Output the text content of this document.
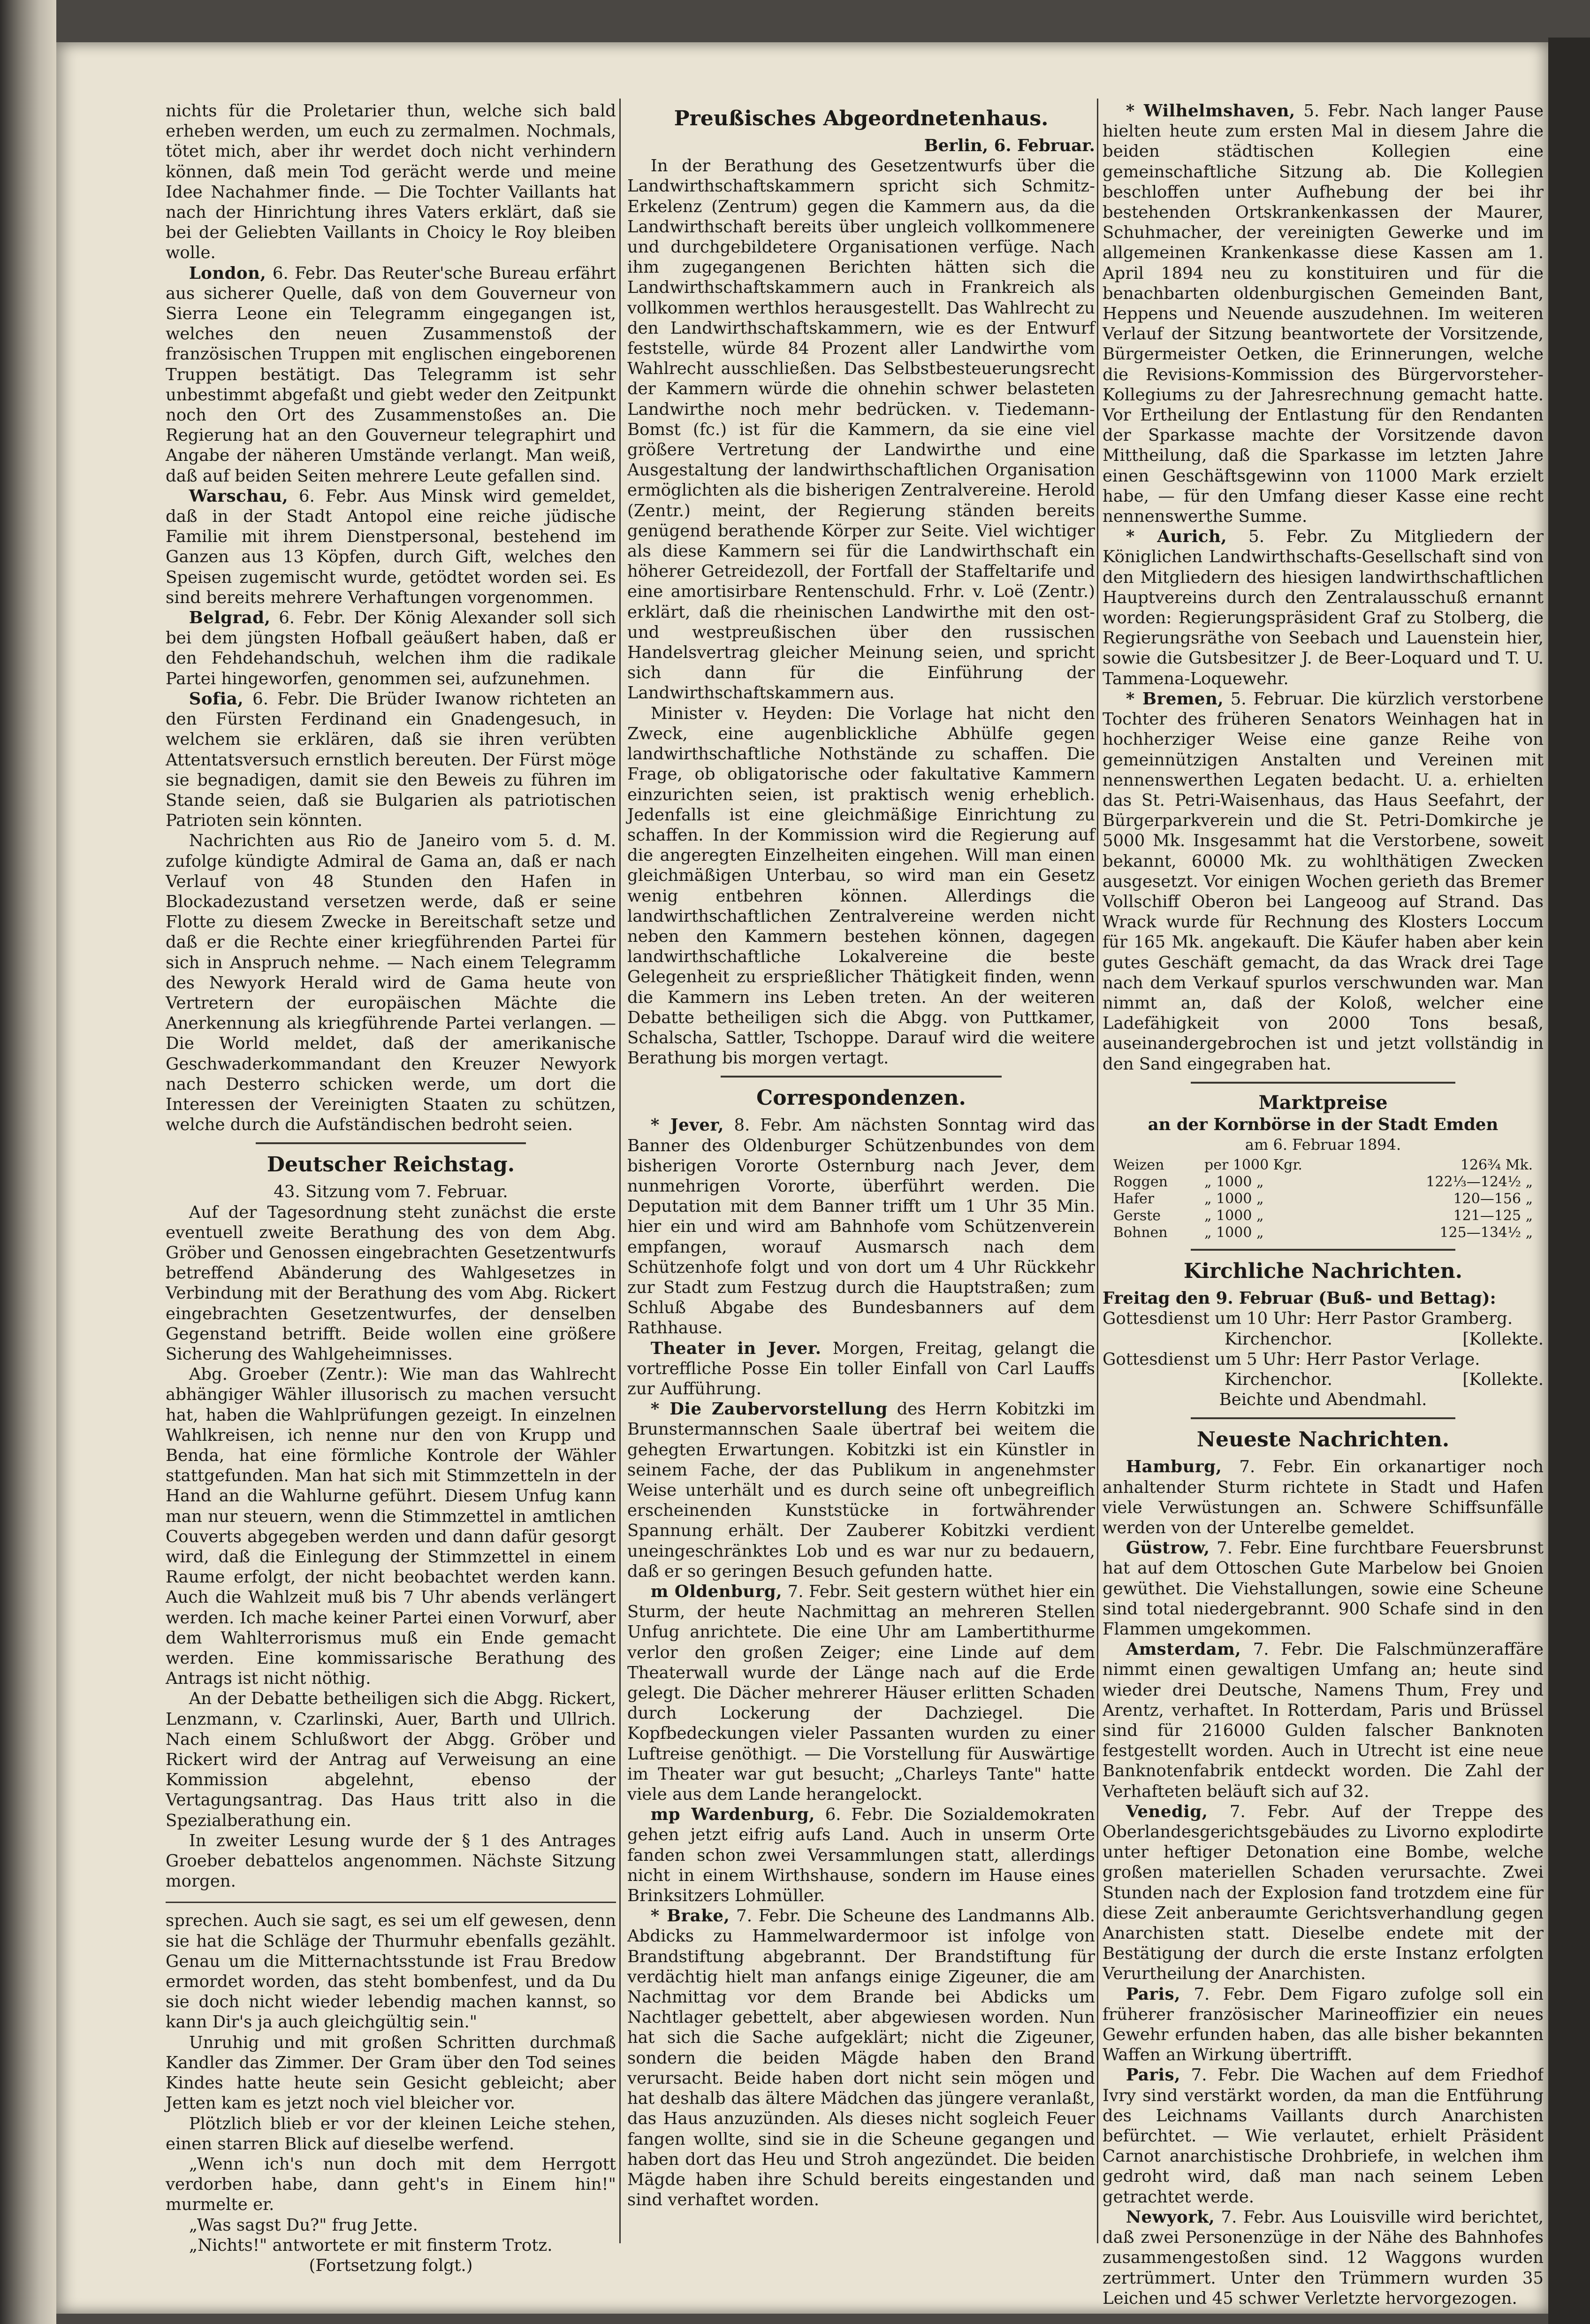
nichts für die Proletarier thun, welche sich bald erheben werden, um euch zu zermalmen. Nochmals, tötet mich, aber ihr werdet doch nicht verhindern können, daß mein Tod gerächt werde und meine Idee Nachahmer finde. — Die Tochter Vaillants hat nach der Hinrichtung ihres Vaters erklärt, daß sie bei der Geliebten Vaillants in Choicy le Roy bleiben wolle.

London, 6. Febr. Das Reuter'sche Bureau erfährt aus sicherer Quelle, daß von dem Gouverneur von Sierra Leone ein Telegramm eingegangen ist, welches den neuen Zusammenstoß der französischen Truppen mit englischen eingeborenen Truppen bestätigt. Das Telegramm ist sehr unbestimmt abgefaßt und giebt weder den Zeitpunkt noch den Ort des Zusammenstoßes an. Die Regierung hat an den Gouverneur telegraphirt und Angabe der näheren Umstände verlangt. Man weiß, daß auf beiden Seiten mehrere Leute gefallen sind.

Warschau, 6. Febr. Aus Minsk wird gemeldet, daß in der Stadt Antopol eine reiche jüdische Familie mit ihrem Dienstpersonal, bestehend im Ganzen aus 13 Köpfen, durch Gift, welches den Speisen zugemischt wurde, getödtet worden sei. Es sind bereits mehrere Verhaftungen vorgenommen.

Belgrad, 6. Febr. Der König Alexander soll sich bei dem jüngsten Hofball geäußert haben, daß er den Fehdehandschuh, welchen ihm die radikale Partei hingeworfen, genommen sei, aufzunehmen.

Sofia, 6. Febr. Die Brüder Iwanow richteten an den Fürsten Ferdinand ein Gnadengesuch, in welchem sie erklären, daß sie ihren verübten Attentatsversuch ernstlich bereuten. Der Fürst möge sie begnadigen, damit sie den Beweis zu führen im Stande seien, daß sie Bulgarien als patriotischen Patrioten sein könnten.

Nachrichten aus Rio de Janeiro vom 5. d. M. zufolge kündigte Admiral de Gama an, daß er nach Verlauf von 48 Stunden den Hafen in Blockadezustand versetzen werde, daß er seine Flotte zu diesem Zwecke in Bereitschaft setze und daß er die Rechte einer kriegführenden Partei für sich in Anspruch nehme. — Nach einem Telegramm des Newyork Herald wird de Gama heute von Vertretern der europäischen Mächte die Anerkennung als kriegführende Partei verlangen. — Die World meldet, daß der amerikanische Geschwaderkommandant den Kreuzer Newyork nach Desterro schicken werde, um dort die Interessen der Vereinigten Staaten zu schützen, welche durch die Aufständischen bedroht seien.

Deutscher Reichstag.

43. Sitzung vom 7. Februar.

Auf der Tagesordnung steht zunächst die erste eventuell zweite Berathung des von dem Abg. Gröber und Genossen eingebrachten Gesetzentwurfs betreffend Abänderung des Wahlgesetzes in Verbindung mit der Berathung des vom Abg. Rickert eingebrachten Gesetzentwurfes, der denselben Gegenstand betrifft. Beide wollen eine größere Sicherung des Wahlgeheimnisses.

Abg. Groeber (Zentr.): Wie man das Wahlrecht abhängiger Wähler illusorisch zu machen versucht hat, haben die Wahlprüfungen gezeigt. In einzelnen Wahlkreisen, ich nenne nur den von Krupp und Benda, hat eine förmliche Kontrole der Wähler stattgefunden. Man hat sich mit Stimmzetteln in der Hand an die Wahlurne geführt. Diesem Unfug kann man nur steuern, wenn die Stimmzettel in amtlichen Couverts abgegeben werden und dann dafür gesorgt wird, daß die Einlegung der Stimmzettel in einem Raume erfolgt, der nicht beobachtet werden kann. Auch die Wahlzeit muß bis 7 Uhr abends verlängert werden. Ich mache keiner Partei einen Vorwurf, aber dem Wahlterrorismus muß ein Ende gemacht werden. Eine kommissarische Berathung des Antrags ist nicht nöthig.

An der Debatte betheiligen sich die Abgg. Rickert, Lenzmann, v. Czarlinski, Auer, Barth und Ullrich. Nach einem Schlußwort der Abgg. Gröber und Rickert wird der Antrag auf Verweisung an eine Kommission abgelehnt, ebenso der Vertagungsantrag. Das Haus tritt also in die Spezialberathung ein.

In zweiter Lesung wurde der § 1 des Antrages Groeber debattelos angenommen. Nächste Sitzung morgen.

sprechen. Auch sie sagt, es sei um elf gewesen, denn sie hat die Schläge der Thurmuhr ebenfalls gezählt. Genau um die Mitternachtsstunde ist Frau Bredow ermordet worden, das steht bombenfest, und da Du sie doch nicht wieder lebendig machen kannst, so kann Dir's ja auch gleichgültig sein."

Unruhig und mit großen Schritten durchmaß Kandler das Zimmer. Der Gram über den Tod seines Kindes hatte heute sein Gesicht gebleicht; aber Jetten kam es jetzt noch viel bleicher vor.

Plötzlich blieb er vor der kleinen Leiche stehen, einen starren Blick auf dieselbe werfend.

„Wenn ich's nun doch mit dem Herrgott verdorben habe, dann geht's in Einem hin!" murmelte er.

„Was sagst Du?" frug Jette.

„Nichts!" antwortete er mit finsterm Trotz.

(Fortsetzung folgt.)

Preußisches Abgeordnetenhaus.

Berlin, 6. Februar.

In der Berathung des Gesetzentwurfs über die Landwirthschaftskammern spricht sich Schmitz-Erkelenz (Zentrum) gegen die Kammern aus, da die Landwirthschaft bereits über ungleich vollkommenere und durchgebildetere Organisationen verfüge. Nach ihm zugegangenen Berichten hätten sich die Landwirthschaftskammern auch in Frankreich als vollkommen werthlos herausgestellt. Das Wahlrecht zu den Landwirthschaftskammern, wie es der Entwurf feststelle, würde 84 Prozent aller Landwirthe vom Wahlrecht ausschließen. Das Selbstbesteuerungsrecht der Kammern würde die ohnehin schwer belasteten Landwirthe noch mehr bedrücken. v. Tiedemann-Bomst (fc.) ist für die Kammern, da sie eine viel größere Vertretung der Landwirthe und eine Ausgestaltung der landwirthschaftlichen Organisation ermöglichten als die bisherigen Zentralvereine. Herold (Zentr.) meint, der Regierung ständen bereits genügend berathende Körper zur Seite. Viel wichtiger als diese Kammern sei für die Landwirthschaft ein höherer Getreidezoll, der Fortfall der Staffeltarife und eine amortisirbare Rentenschuld. Frhr. v. Loë (Zentr.) erklärt, daß die rheinischen Landwirthe mit den ost- und westpreußischen über den russischen Handelsvertrag gleicher Meinung seien, und spricht sich dann für die Einführung der Landwirthschaftskammern aus.

Minister v. Heyden: Die Vorlage hat nicht den Zweck, eine augenblickliche Abhülfe gegen landwirthschaftliche Nothstände zu schaffen. Die Frage, ob obligatorische oder fakultative Kammern einzurichten seien, ist praktisch wenig erheblich. Jedenfalls ist eine gleichmäßige Einrichtung zu schaffen. In der Kommission wird die Regierung auf die angeregten Einzelheiten eingehen. Will man einen gleichmäßigen Unterbau, so wird man ein Gesetz wenig entbehren können. Allerdings die landwirthschaftlichen Zentralvereine werden nicht neben den Kammern bestehen können, dagegen landwirthschaftliche Lokalvereine die beste Gelegenheit zu ersprießlicher Thätigkeit finden, wenn die Kammern ins Leben treten. An der weiteren Debatte betheiligen sich die Abgg. von Puttkamer, Schalscha, Sattler, Tschoppe. Darauf wird die weitere Berathung bis morgen vertagt.

Correspondenzen.

* Jever, 8. Febr. Am nächsten Sonntag wird das Banner des Oldenburger Schützenbundes von dem bisherigen Vororte Osternburg nach Jever, dem nunmehrigen Vororte, überführt werden. Die Deputation mit dem Banner trifft um 1 Uhr 35 Min. hier ein und wird am Bahnhofe vom Schützenverein empfangen, worauf Ausmarsch nach dem Schützenhofe folgt und von dort um 4 Uhr Rückkehr zur Stadt zum Festzug durch die Hauptstraßen; zum Schluß Abgabe des Bundesbanners auf dem Rathhause.

Theater in Jever. Morgen, Freitag, gelangt die vortreffliche Posse Ein toller Einfall von Carl Lauffs zur Aufführung.

* Die Zaubervorstellung des Herrn Kobitzki im Brunstermannschen Saale übertraf bei weitem die gehegten Erwartungen. Kobitzki ist ein Künstler in seinem Fache, der das Publikum in angenehmster Weise unterhält und es durch seine oft unbegreiflich erscheinenden Kunststücke in fortwährender Spannung erhält. Der Zauberer Kobitzki verdient uneingeschränktes Lob und es war nur zu bedauern, daß er so geringen Besuch gefunden hatte.

m Oldenburg, 7. Febr. Seit gestern wüthet hier ein Sturm, der heute Nachmittag an mehreren Stellen Unfug anrichtete. Die eine Uhr am Lambertithurme verlor den großen Zeiger; eine Linde auf dem Theaterwall wurde der Länge nach auf die Erde gelegt. Die Dächer mehrerer Häuser erlitten Schaden durch Lockerung der Dachziegel. Die Kopfbedeckungen vieler Passanten wurden zu einer Luftreise genöthigt. — Die Vorstellung für Auswärtige im Theater war gut besucht; „Charleys Tante" hatte viele aus dem Lande herangelockt.

mp Wardenburg, 6. Febr. Die Sozialdemokraten gehen jetzt eifrig aufs Land. Auch in unserm Orte fanden schon zwei Versammlungen statt, allerdings nicht in einem Wirthshause, sondern im Hause eines Brinksitzers Lohmüller.

* Brake, 7. Febr. Die Scheune des Landmanns Alb. Abdicks zu Hammelwardermoor ist infolge von Brandstiftung abgebrannt. Der Brandstiftung für verdächtig hielt man anfangs einige Zigeuner, die am Nachmittag vor dem Brande bei Abdicks um Nachtlager gebettelt, aber abgewiesen worden. Nun hat sich die Sache aufgeklärt; nicht die Zigeuner, sondern die beiden Mägde haben den Brand verursacht. Beide haben dort nicht sein mögen und hat deshalb das ältere Mädchen das jüngere veranlaßt, das Haus anzuzünden. Als dieses nicht sogleich Feuer fangen wollte, sind sie in die Scheune gegangen und haben dort das Heu und Stroh angezündet. Die beiden Mägde haben ihre Schuld bereits eingestanden und sind verhaftet worden.

* Wilhelmshaven, 5. Febr. Nach langer Pause hielten heute zum ersten Mal in diesem Jahre die beiden städtischen Kollegien eine gemeinschaftliche Sitzung ab. Die Kollegien beschloffen unter Aufhebung der bei ihr bestehenden Ortskrankenkassen der Maurer, Schuhmacher, der vereinigten Gewerke und im allgemeinen Krankenkasse diese Kassen am 1. April 1894 neu zu konstituiren und für die benachbarten oldenburgischen Gemeinden Bant, Heppens und Neuende auszudehnen. Im weiteren Verlauf der Sitzung beantwortete der Vorsitzende, Bürgermeister Oetken, die Erinnerungen, welche die Revisions-Kommission des Bürgervorsteher-Kollegiums zu der Jahresrechnung gemacht hatte. Vor Ertheilung der Entlastung für den Rendanten der Sparkasse machte der Vorsitzende davon Mittheilung, daß die Sparkasse im letzten Jahre einen Geschäftsgewinn von 11000 Mark erzielt habe, — für den Umfang dieser Kasse eine recht nennenswerthe Summe.

* Aurich, 5. Febr. Zu Mitgliedern der Königlichen Landwirthschafts-Gesellschaft sind von den Mitgliedern des hiesigen landwirthschaftlichen Hauptvereins durch den Zentralausschuß ernannt worden: Regierungspräsident Graf zu Stolberg, die Regierungsräthe von Seebach und Lauenstein hier, sowie die Gutsbesitzer J. de Beer-Loquard und T. U. Tammena-Loquewehr.

* Bremen, 5. Februar. Die kürzlich verstorbene Tochter des früheren Senators Weinhagen hat in hochherziger Weise eine ganze Reihe von gemeinnützigen Anstalten und Vereinen mit nennenswerthen Legaten bedacht. U. a. erhielten das St. Petri-Waisenhaus, das Haus Seefahrt, der Bürgerparkverein und die St. Petri-Domkirche je 5000 Mk. Insgesammt hat die Verstorbene, soweit bekannt, 60000 Mk. zu wohlthätigen Zwecken ausgesetzt. Vor einigen Wochen gerieth das Bremer Vollschiff Oberon bei Langeoog auf Strand. Das Wrack wurde für Rechnung des Klosters Loccum für 165 Mk. angekauft. Die Käufer haben aber kein gutes Geschäft gemacht, da das Wrack drei Tage nach dem Verkauf spurlos verschwunden war. Man nimmt an, daß der Koloß, welcher eine Ladefähigkeit von 2000 Tons besaß, auseinandergebrochen ist und jetzt vollständig in den Sand eingegraben hat.

Marktpreise

an der Kornbörse in der Stadt Emden

am 6. Februar 1894.

Weizen	per 1000 Kgr.	126¾ Mk.
Roggen	„ 1000 „	122⅓—124½ „
Hafer	„ 1000 „	120—156 „
Gerste	„ 1000 „	121—125 „
Bohnen	„ 1000 „	125—134½ „

Kirchliche Nachrichten.

Freitag den 9. Februar (Buß- und Bettag):

Gottesdienst um 10 Uhr: Herr Pastor Gramberg.

Kirchenchor.	[Kollekte.

Gottesdienst um 5 Uhr: Herr Pastor Verlage.

Kirchenchor.	[Kollekte.

Beichte und Abendmahl.

Neueste Nachrichten.

Hamburg, 7. Febr. Ein orkanartiger noch anhaltender Sturm richtete in Stadt und Hafen viele Verwüstungen an. Schwere Schiffsunfälle werden von der Unterelbe gemeldet.

Güstrow, 7. Febr. Eine furchtbare Feuersbrunst hat auf dem Ottoschen Gute Marbelow bei Gnoien gewüthet. Die Viehstallungen, sowie eine Scheune sind total niedergebrannt. 900 Schafe sind in den Flammen umgekommen.

Amsterdam, 7. Febr. Die Falschmünzeraffäre nimmt einen gewaltigen Umfang an; heute sind wieder drei Deutsche, Namens Thum, Frey und Arentz, verhaftet. In Rotterdam, Paris und Brüssel sind für 216000 Gulden falscher Banknoten festgestellt worden. Auch in Utrecht ist eine neue Banknotenfabrik entdeckt worden. Die Zahl der Verhafteten beläuft sich auf 32.

Venedig, 7. Febr. Auf der Treppe des Oberlandesgerichtsgebäudes zu Livorno explodirte unter heftiger Detonation eine Bombe, welche großen materiellen Schaden verursachte. Zwei Stunden nach der Explosion fand trotzdem eine für diese Zeit anberaumte Gerichtsverhandlung gegen Anarchisten statt. Dieselbe endete mit der Bestätigung der durch die erste Instanz erfolgten Verurtheilung der Anarchisten.

Paris, 7. Febr. Dem Figaro zufolge soll ein früherer französischer Marineoffizier ein neues Gewehr erfunden haben, das alle bisher bekannten Waffen an Wirkung übertrifft.

Paris, 7. Febr. Die Wachen auf dem Friedhof Ivry sind verstärkt worden, da man die Entführung des Leichnams Vaillants durch Anarchisten befürchtet. — Wie verlautet, erhielt Präsident Carnot anarchistische Drohbriefe, in welchen ihm gedroht wird, daß man nach seinem Leben getrachtet werde.

Newyork, 7. Febr. Aus Louisville wird berichtet, daß zwei Personenzüge in der Nähe des Bahnhofes zusammengestoßen sind. 12 Waggons wurden zertrümmert. Unter den Trümmern wurden 35 Leichen und 45 schwer Verletzte hervorgezogen.
